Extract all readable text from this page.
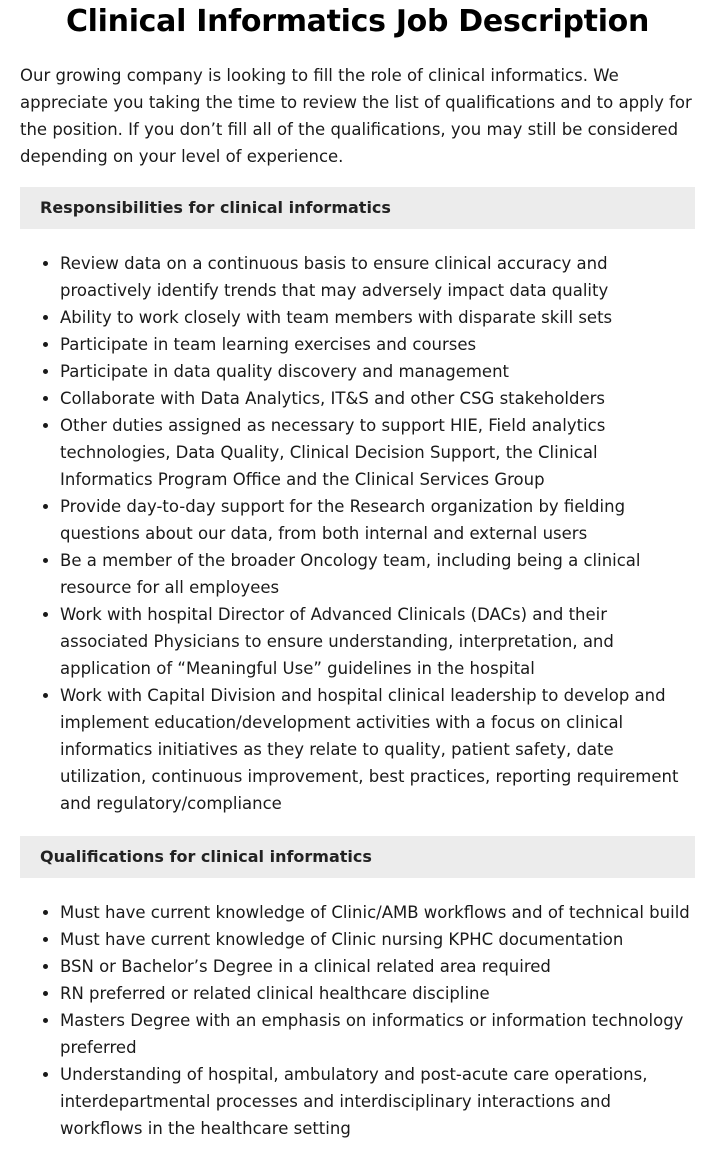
Clinical Informatics Job Description

Our growing company is looking to fill the role of clinical informatics. We appreciate you taking the time to review the list of qualifications and to apply for the position. If you don’t fill all of the qualifications, you may still be considered depending on your level of experience.

Responsibilities for clinical informatics
• Review data on a continuous basis to ensure clinical accuracy and proactively identify trends that may adversely impact data quality
• Ability to work closely with team members with disparate skill sets
• Participate in team learning exercises and courses
• Participate in data quality discovery and management
• Collaborate with Data Analytics, IT&S and other CSG stakeholders
• Other duties assigned as necessary to support HIE, Field analytics technologies, Data Quality, Clinical Decision Support, the Clinical Informatics Program Office and the Clinical Services Group
• Provide day-to-day support for the Research organization by fielding questions about our data, from both internal and external users
• Be a member of the broader Oncology team, including being a clinical resource for all employees
• Work with hospital Director of Advanced Clinicals (DACs) and their associated Physicians to ensure understanding, interpretation, and application of “Meaningful Use” guidelines in the hospital
• Work with Capital Division and hospital clinical leadership to develop and implement education/development activities with a focus on clinical informatics initiatives as they relate to quality, patient safety, date utilization, continuous improvement, best practices, reporting requirement and regulatory/compliance
Qualifications for clinical informatics
• Must have current knowledge of Clinic/AMB workflows and of technical build
• Must have current knowledge of Clinic nursing KPHC documentation
• BSN or Bachelor’s Degree in a clinical related area required
• RN preferred or related clinical healthcare discipline
• Masters Degree with an emphasis on informatics or information technology preferred
• Understanding of hospital, ambulatory and post-acute care operations, interdepartmental processes and interdisciplinary interactions and workflows in the healthcare setting
